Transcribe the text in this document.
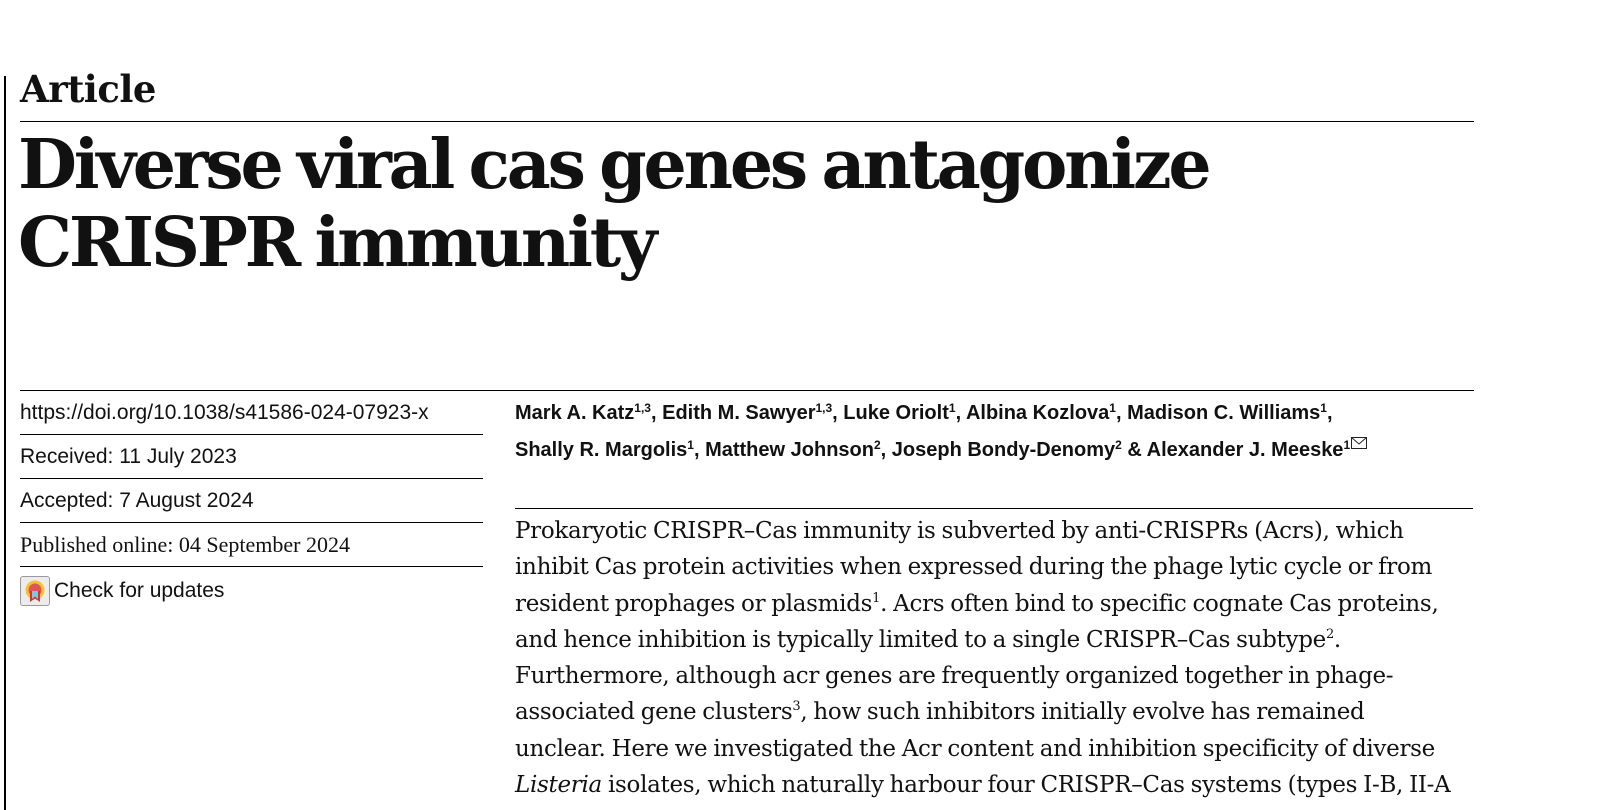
Article
Diverse viral cas genes antagonize CRISPR immunity
https://doi.org/10.1038/s41586-024-07923-x
Received: 11 July 2023
Accepted: 7 August 2024
Published online: 04 September 2024
Check for updates

Mark A. Katz$^{1,3}$, Edith M. Sawyer$^{1,3}$, Luke Oriolt$^1$, Albina Kozlova$^1$, Madison C. Williams$^1$,
Shally R. Margolis$^1$, Matthew Johnson$^2$, Joseph Bondy-Denomy$^2$ & Alexander J. Meeske$^1$

Prokaryotic CRISPR–Cas immunity is subverted by anti-CRISPRs (Acrs), which
inhibit Cas protein activities when expressed during the phage lytic cycle or from
resident prophages or plasmids$^1$. Acrs often bind to specific cognate Cas proteins,
and hence inhibition is typically limited to a single CRISPR–Cas subtype$^2$.
Furthermore, although acr genes are frequently organized together in phage-
associated gene clusters$^3$, how such inhibitors initially evolve has remained
unclear. Here we investigated the Acr content and inhibition specificity of diverse
Listeria isolates, which naturally harbour four CRISPR–Cas systems (types I-B, II-A
